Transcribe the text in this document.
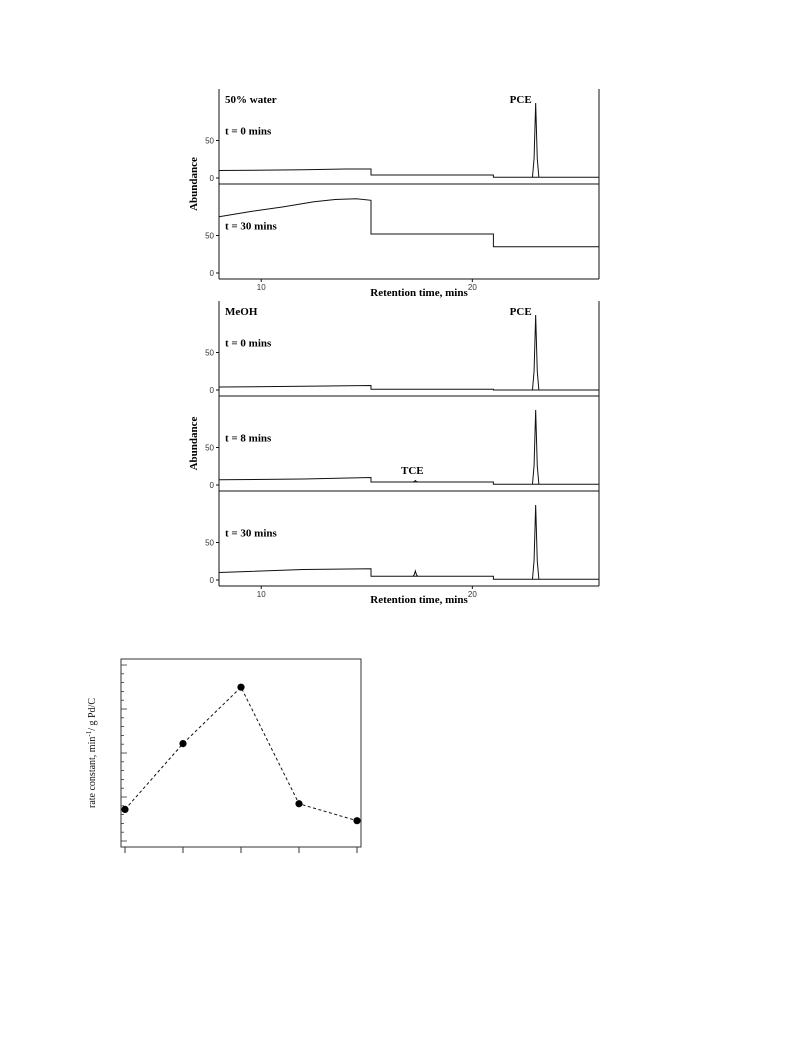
50
0
t = 0 mins
50% water	PCE
50
0
t = 30 mins
10	20
Retention time, mins
Abundance
50
0
t = 0 mins
MeOH	PCE
50
0
t = 8 mins
TCE
50
0
t = 30 mins
10	20
Retention time, mins
Abundance
rate constant, $\min^{-1}/$ g Pd/C
